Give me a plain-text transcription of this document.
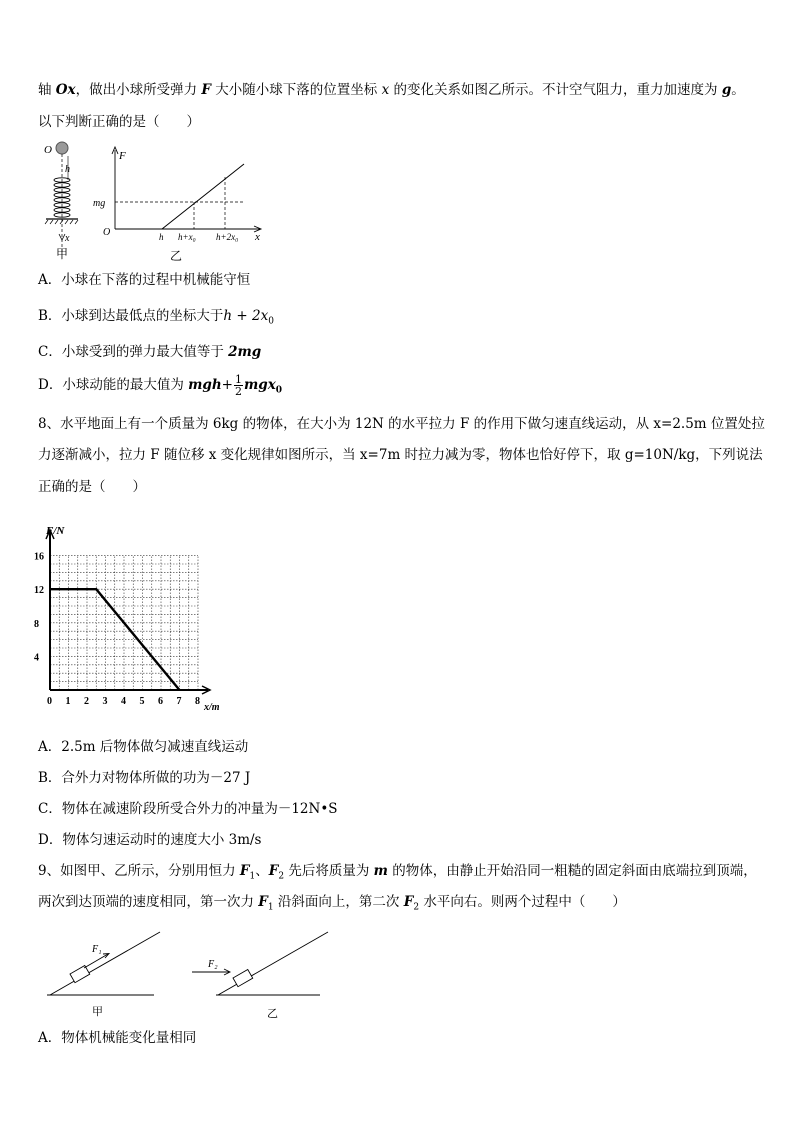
轴 Ox，做出小球所受弹力 F 大小随小球下落的位置坐标 x 的变化关系如图乙所示。不计空气阻力，重力加速度为 g。
以下判断正确的是（　　）
O
h
x
甲
F
x
O
mg
h h+x₀ h+2x₀
乙
A．小球在下落的过程中机械能守恒
B．小球到达最低点的坐标大于$h + 2x_0$
C．小球受到的弹力最大值等于 2mg
D．小球动能的最大值为 $mgh+ \frac{1}{2} mgx_0$
8、水平地面上有一个质量为 6kg 的物体，在大小为 12N 的水平拉力 F 的作用下做匀速直线运动，从 x=2.5m 位置处拉
力逐渐减小，拉力 F 随位移 x 变化规律如图所示，当 x=7m 时拉力减为零，物体也恰好停下，取 g=10N/kg，下列说法
正确的是（　　）
0 1 2 3 4 5 6 7 8
4
8
12
16
F/N
x/m
A．2.5m 后物体做匀减速直线运动
B．合外力对物体所做的功为－27 J
C．物体在减速阶段所受合外力的冲量为－12N•S
D．物体匀速运动时的速度大小 3m/s
9、如图甲、乙所示，分别用恒力 $F_1$、$F_2$ 先后将质量为 m 的物体，由静止开始沿同一粗糙的固定斜面由底端拉到顶端，
两次到达顶端的速度相同，第一次力 $F_1$ 沿斜面向上，第二次 $F_2$ 水平向右。则两个过程中（　　）
F₁
甲
F₂
乙
A．物体机械能变化量相同
